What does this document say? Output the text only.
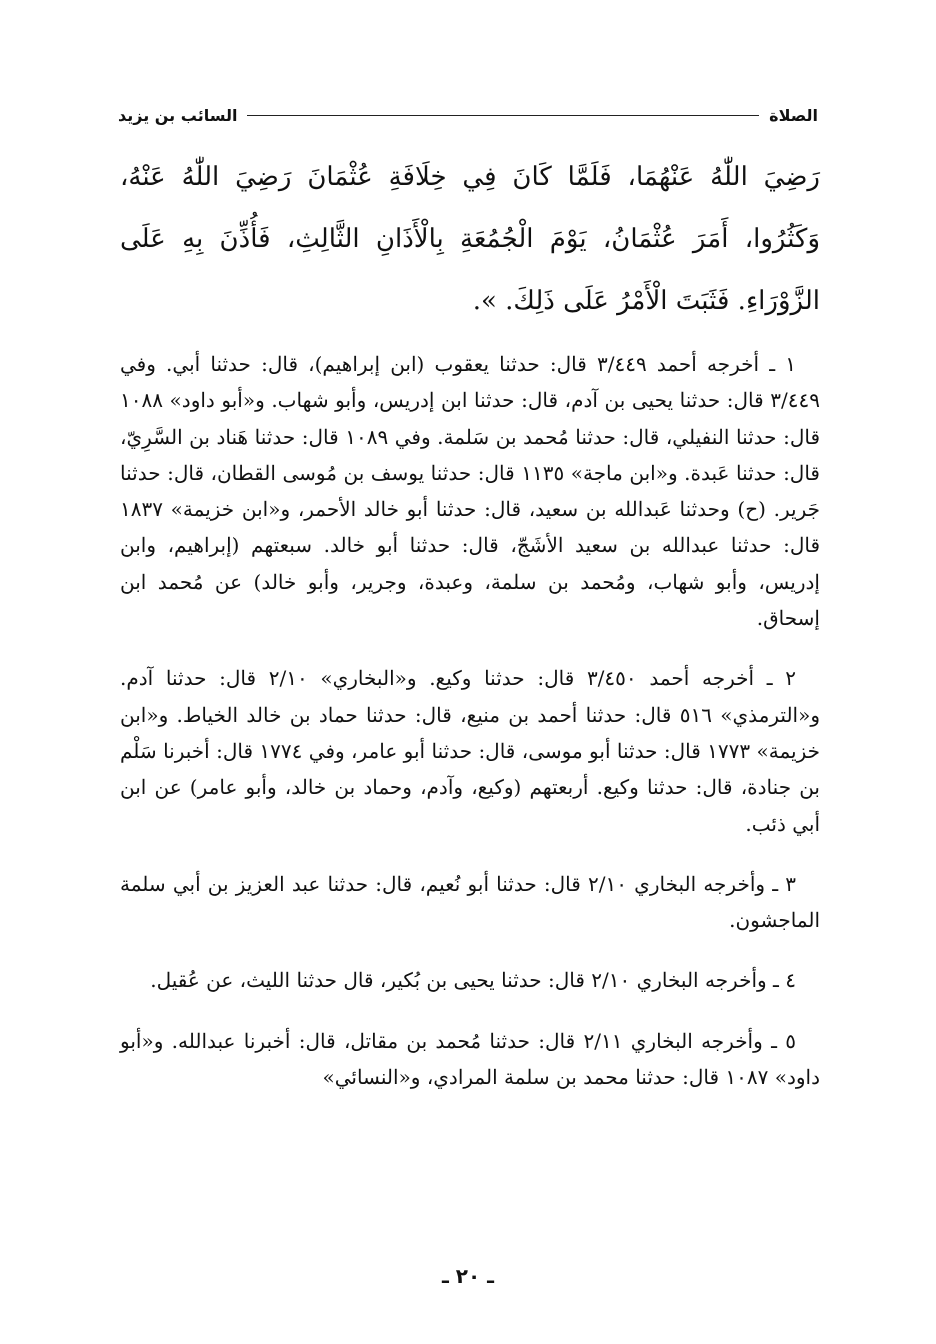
الصلاة
السائب بن يزيد

رَضِيَ اللّٰهُ عَنْهُمَا، فَلَمَّا كَانَ فِي خِلَافَةِ عُثْمَانَ رَضِيَ اللّٰهُ عَنْهُ، وَكَثُرُوا، أَمَرَ عُثْمَانُ، يَوْمَ الْجُمُعَةِ بِالْأَذَانِ الثَّالِثِ، فَأُذِّنَ بِهِ عَلَى الزَّوْرَاءِ. فَثَبَتَ الْأَمْرُ عَلَى ذَلِكَ. ».

١ ـ أخرجه أحمد ٣/٤٤٩ قال: حدثنا يعقوب (ابن إبراهيم)، قال: حدثنا أبي. وفي ٣/٤٤٩ قال: حدثنا يحيى بن آدم، قال: حدثنا ابن إدريس، وأبو شهاب. و«أبو داود» ١٠٨٨ قال: حدثنا النفيلي، قال: حدثنا مُحمد بن سَلمة. وفي ١٠٨٩ قال: حدثنا هَناد بن السَّرِيّ، قال: حدثنا عَبدة. و«ابن ماجة» ١١٣٥ قال: حدثنا يوسف بن مُوسى القطان، قال: حدثنا جَرير. (ح) وحدثنا عَبدالله بن سعيد، قال: حدثنا أبو خالد الأحمر، و«ابن خزيمة» ١٨٣٧ قال: حدثنا عبدالله بن سعيد الأشَجّ، قال: حدثنا أبو خالد. سبعتهم (إبراهيم، وابن إدريس، وأبو شهاب، ومُحمد بن سلمة، وعبدة، وجرير، وأبو خالد) عن مُحمد ابن إسحاق.

٢ ـ أخرجه أحمد ٣/٤٥٠ قال: حدثنا وكيع. و«البخاري» ٢/١٠ قال: حدثنا آدم. و«الترمذي» ٥١٦ قال: حدثنا أحمد بن منيع، قال: حدثنا حماد بن خالد الخياط. و«ابن خزيمة» ١٧٧٣ قال: حدثنا أبو موسى، قال: حدثنا أبو عامر، وفي ١٧٧٤ قال: أخبرنا سَلْم بن جنادة، قال: حدثنا وكيع. أربعتهم (وكيع، وآدم، وحماد بن خالد، وأبو عامر) عن ابن أبي ذئب.

٣ ـ وأخرجه البخاري ٢/١٠ قال: حدثنا أبو نُعيم، قال: حدثنا عبد العزيز بن أبي سلمة الماجشون.

٤ ـ وأخرجه البخاري ٢/١٠ قال: حدثنا يحيى بن بُكير، قال حدثنا الليث، عن عُقيل.

٥ ـ وأخرجه البخاري ٢/١١ قال: حدثنا مُحمد بن مقاتل، قال: أخبرنا عبدالله. و«أبو داود» ١٠٨٧ قال: حدثنا محمد بن سلمة المرادي، و«النسائي»

ـ ٢٠ ـ
